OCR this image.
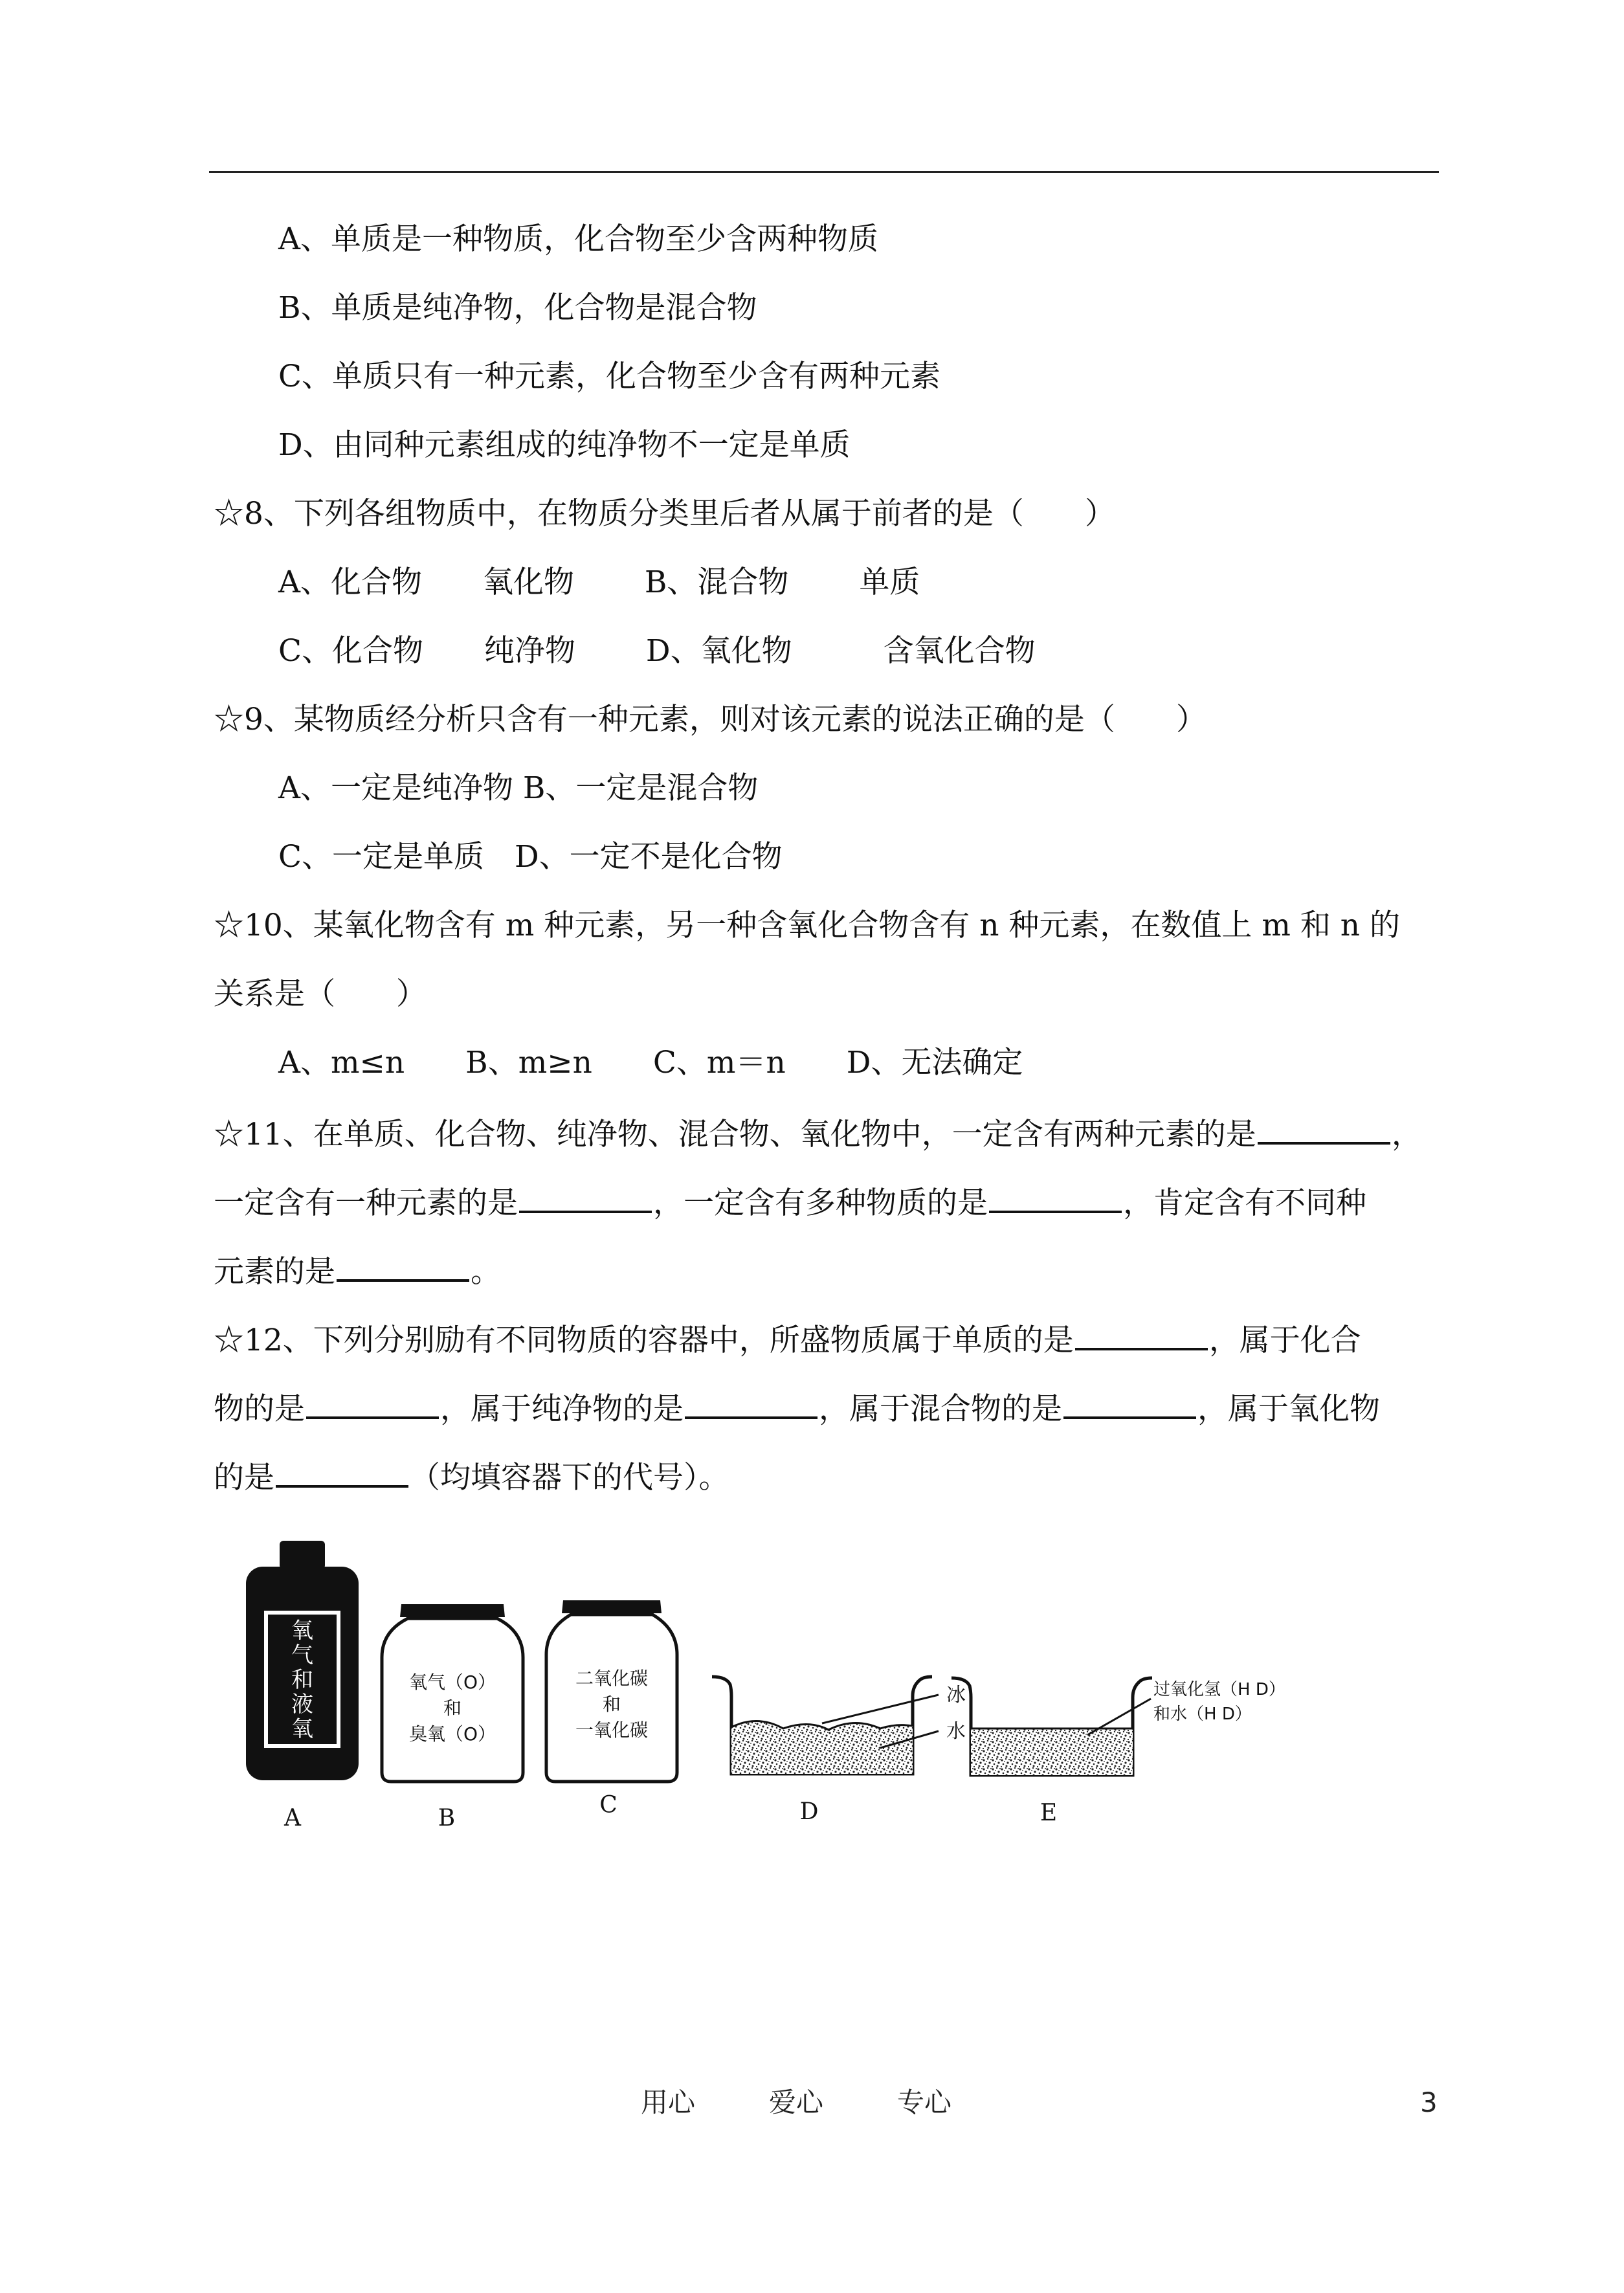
A、单质是一种物质，化合物至少含两种物质
B、单质是纯净物，化合物是混合物
C、单质只有一种元素，化合物至少含有两种元素
D、由同种元素组成的纯净物不一定是单质
☆8、下列各组物质中，在物质分类里后者从属于前者的是（　　）
A、化合物　　氧化物　　 B、混合物　　 单质
C、化合物　　纯净物　　 D、氧化物　　　含氧化合物
☆9、某物质经分析只含有一种元素，则对该元素的说法正确的是（　　）
A、一定是纯净物 B、一定是混合物
C、一定是单质　D、一定不是化合物
☆10、某氧化物含有 m 种元素，另一种含氧化合物含有 n 种元素，在数值上 m 和 n 的
关系是（　　）
A、m≤n　　B、m≥n　　C、m＝n　　D、无法确定
☆11、在单质、化合物、纯净物、混合物、氧化物中，一定含有两种元素的是	，
一定含有一种元素的是	，一定含有多种物质的是	，肯定含有不同种
元素的是	。
☆12、下列分别励有不同物质的容器中，所盛物质属于单质的是	，属于化合
物的是	，属于纯净物的是	，属于混合物的是	，属于氧化物
的是	（均填容器下的代号）。
氧
气
和
液
氧
A
氧气（O）
和
臭氧（O）
B
二氧化碳
和
一氧化碳
C
冰
水
D
过氧化氢（H D）
和水（H D）
E
用心	爱心	专心	3
